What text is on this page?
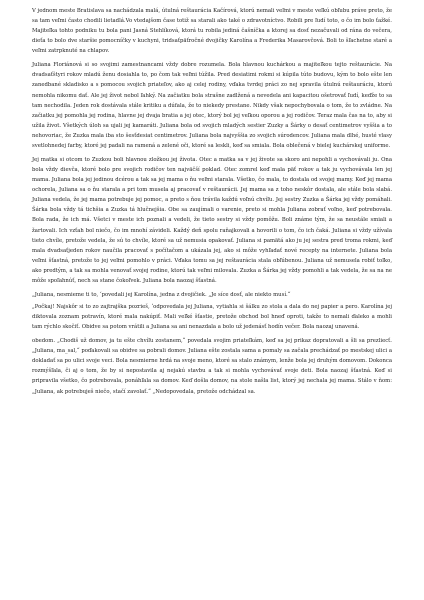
V jednom meste Bratislava sa nachádzala malá, útulná reštaurácia Kačírová, ktorú nemali veľmi v meste veľkú obľubu práve preto, že sa tam veľmi často chodili lietadlá.Vo vtedajšom čase totiž sa starali ako také o zdravotníctvo. Robili pre ľudí toto, o čo im bolo ťažké. Majiteľka tohto podniku tu bola pani Jasná Stehlíková, ktorá tu robila jediná čašníčka a ktorej sa dosť nezačuvali od rána do večera, dieťa to bolo dve staršie pomocníčky v kuchyni, tridsaťpäťročné dvojičky Karolína a Frederika Masarovčová. Boli to šľachetne staré a veľmi zatrpknuté na chlapov.

Juliana Floriánová si so svojimi zamestnancami vždy dobre rozumela. Bola hlavnou kuchárkou a majiteľkou tejto reštaurácie. Na dvadsaťštyri rokov mladú ženu dosiahla to, po čom tak veľmi túžila. Pred desiatimi rokmi si kúpila túto budovu, kým to bolo ešte len zanedbané skladisko a s pomocou svojich priateľov, ako aj celej rodiny, vďaka tvrdej práci zo nej spravila útulnú reštauráciu, ktorú nemohla nikomu dať. Ale jej život nebol ľahký. Na začiatku bola strašne zadlžená a nevedela ani kapacitou ošetrovať ľudí, keďže to sa tam nechodila. Jeden rok dostávala stále kritiku a dúfala, že to niekedy prestane. Nikdy však nepochybovala o tom, že to zvládne. Na začiatku jej pomohla jej rodina, hlavne jej dvaja bratia a jej otec, ktorý bol jej veľkou oporou a jej rodičov. Teraz mala čas na to, aby si užila život. Všetkých úloh sa ujali jej kamaráti. Juliana bola od svojich mladých sestier Zuzky a Šárky o desať centimetrov vyššia a to nehovoriac, že Zuzka mala iba sto šesťdesiat centimetrov. Juliana bola najvyššia zo svojich súrodencov. Juliana mala dlhé, husté vlasy svetlohnedej farby, ktoré jej padali na ramená a zelené oči, ktoré sa leskli, keď sa smiala. Bola oblečená v bielej kuchárskej uniforme.

Jej matka si otcom to Zuzkou boli hlavnou zložkou jej života. Otec a matka sa v jej živote sa skoro ani nepohli a vychovávali ju. Ona bola vždy dievča, ktoré bolo pre svojich rodičov ten najväčší poklad. Otec zomrel keď mala päť rokov a tak ju vychovávala len jej mama. Juliana bola jej jedinou dcérou a tak sa jej mama o ňu veľmi starala. Všetko, čo mala, to dostala od svojej mamy. Keď jej mama ochorela, Juliana sa o ňu starala a pri tom musela aj pracovať v reštaurácii. Jej mama sa z toho neskôr dostala, ale stále bola slabá. Juliana vedela, že jej mama potrebuje jej pomoc, a preto s ňou trávila každú voľnú chvíľu. Jej sestry Zuzka a Šárka jej vždy pomáhali. Šárka bola vždy tá tichšia a Zuzka tá hlučnejšia. Obe sa zaujímali o varenie, preto si mohla Juliana zobrať voľno, keď potrebovala. Bola rada, že ich má. Všetci v meste ich poznali a vedeli, že tieto sestry si vždy pomôžu. Boli známe tým, že sa neustále smiali a žartovali. Ich vzťah bol niečo, čo im mnohí závideli. Každý deň spolu raňajkovali a hovorili o tom, čo ich čaká. Juliana si vždy užívala tieto chvíle, pretože vedela, že sú to chvíle, ktoré sa už nemusia opakovať. Juliana si pamätá ako ju jej sestra pred troma rokmi, keď mala dvadsaťjeden rokov naučila pracovať s počítačom a ukázala jej, ako si môže vyhľadať nové recepty na internete. Juliana bola veľmi šťastná, pretože to jej veľmi pomohlo v práci. Vďaka tomu sa jej reštaurácia stala obľúbenou. Juliana už nemusela robiť toľko, ako predtým, a tak sa mohla venovať svojej rodine, ktorú tak veľmi milovala. Zuzka a Šárka jej vždy pomohli a tak vedela, že sa na ne môže spoľahnúť, nech sa stane čokoľvek. Juliana bola naozaj šťastná.

„Juliana, nesmieme ti to, ‘povedali jej Karolína, jedna z dvojičiek. „Je síce dosť, ale niekto musí.“

„Počkaj! Najskôr si to zo zajtrajška pozrieš, ‘odpovedala jej Juliana, vytiahla si šálku zo stola a dala do nej papier a pero. Karolína jej diktovala zoznam potravín, ktoré mala nakúpiť. Mali veľké šťastie, pretože obchod bol hneď oproti, takže to nemali ďaleko a mohli tam rýchlo skočiť. Obidve sa potom vrátili a Juliana sa ani nenazdala a bolo už jedenásť hodín večer. Bola naozaj unavená.

obedom. „Chodiš už domov, ja tu ešte chvíľu zostanem,“ povedala svojim priateľkám, keď sa jej prikaz dopratovali a šli sa prezliecť. „Juliana, ma_sal,“ poďakovali sa obidve sa pobrali domov. Juliana ešte zostala sama a pomaly sa začala prechádzať po mestskej ulici a dokladať sa po ulici svoje veci. Bola nesmierne hrdá na svoje meno, ktoré sa stalo známym, lenže bola jej druhým domovom. Dokonca rozmýšľala, či aj o tom, že by si nepostavila aj nejakú stavbu a tak si mohla vychovávať svoje deti. Bola naozaj šťastná. Keď si pripravila všetko, čo potrebovala, ponáhľala sa domov. Keď došla domov, na stole našla list, ktorý jej nechala jej mama. Stálo v ňom: „Juliana, ak potrebuješ niečo, stačí zavolať.“ „Nedopovedala, pretože odchádzal sa.
